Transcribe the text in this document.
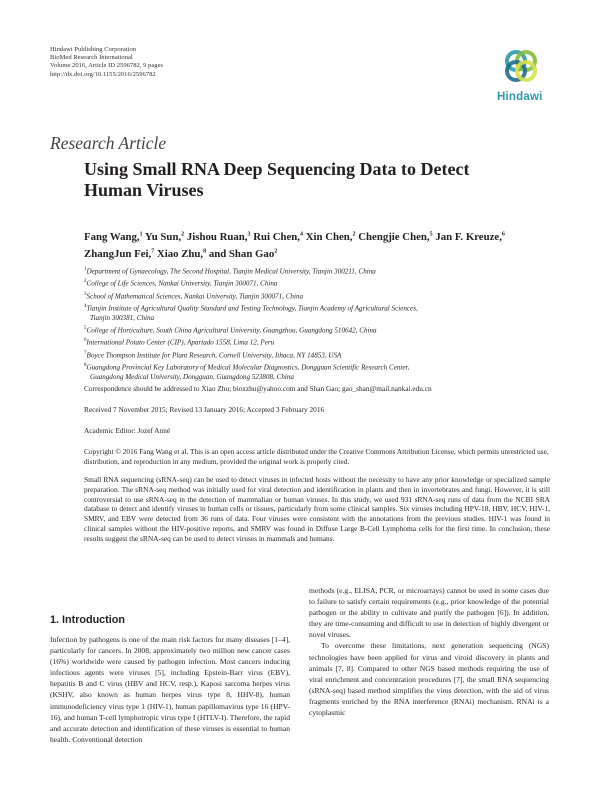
Hindawi Publishing Corporation
BioMed Research International
Volume 2016, Article ID 2596782, 9 pages
http://dx.doi.org/10.1155/2016/2596782
Hindawi
Research Article
Using Small RNA Deep Sequencing Data to Detect Human Viruses
Fang Wang,$^1$ Yu Sun,$^2$ Jishou Ruan,$^3$ Rui Chen,$^4$ Xin Chen,$^2$ Chengjie Chen,$^5$ Jan F. Kreuze,$^6$ ZhangJun Fei,$^7$ Xiao Zhu,$^8$ and Shan Gao$^2$
$^1$Department of Gynaecology, The Second Hospital, Tianjin Medical University, Tianjin 300211, China
$^2$College of Life Sciences, Nankai University, Tianjin 300071, China
$^3$School of Mathematical Sciences, Nankai University, Tianjin 300071, China
$^4$Tianjin Institute of Agricultural Quality Standard and Testing Technology, Tianjin Academy of Agricultural Sciences,
Tianjin 300381, China
$^5$College of Horticulture, South China Agricultural University, Guangzhou, Guangdong 510642, China
$^6$International Potato Center (CIP), Apartado 1558, Lima 12, Peru
$^7$Boyce Thompson Institute for Plant Research, Cornell University, Ithaca, NY 14853, USA
$^8$Guangdong Provincial Key Laboratory of Medical Molecular Diagnostics, Dongguan Scientific Research Center,
Guangdong Medical University, Dongguan, Guangdong 523808, China
Correspondence should be addressed to Xiao Zhu; bioxzhu@yahoo.com and Shan Gao; gao_shan@mail.nankai.edu.cn
Received 7 November 2015; Revised 13 January 2016; Accepted 3 February 2016
Academic Editor: Jozef Anné
Copyright © 2016 Fang Wang et al. This is an open access article distributed under the Creative Commons Attribution License, which permits unrestricted use, distribution, and reproduction in any medium, provided the original work is properly cited.
Small RNA sequencing (sRNA-seq) can be used to detect viruses in infected hosts without the necessity to have any prior knowledge or specialized sample preparation. The sRNA-seq method was initially used for viral detection and identification in plants and then in invertebrates and fungi. However, it is still controversial to use sRNA-seq in the detection of mammalian or human viruses. In this study, we used 931 sRNA-seq runs of data from the NCBI SRA database to detect and identify viruses in human cells or tissues, particularly from some clinical samples. Six viruses including HPV-18, HBV, HCV, HIV-1, SMRV, and EBV were detected from 36 runs of data. Four viruses were consistent with the annotations from the previous studies. HIV-1 was found in clinical samples without the HIV-positive reports, and SMRV was found in Diffuse Large B-Cell Lymphoma cells for the first time. In conclusion, these results suggest the sRNA-seq can be used to detect viruses in mammals and humans.
1. Introduction

Infection by pathogens is one of the main risk factors for many diseases [1–4], particularly for cancers. In 2008, approximately two million new cancer cases (16%) worldwide were caused by pathogen infection. Most cancers inducing infectious agents were viruses [5], including Epstein-Barr virus (EBV), hepatitis B and C virus (HBV and HCV, resp.), Kaposi sarcoma herpes virus (KSHV, also known as human herpes virus type 8, HHV-8), human immunodeficiency virus type 1 (HIV-1), human papillomavirus type 16 (HPV-16), and human T-cell lymphotropic virus type I (HTLV-I). Therefore, the rapid and accurate detection and identification of these viruses is essential to human health. Conventional detection

methods (e.g., ELISA, PCR, or microarrays) cannot be used in some cases due to failure to satisfy certain requirements (e.g., prior knowledge of the potential pathogen or the ability to cultivate and purify the pathogen [6]). In addition, they are time-consuming and difficult to use in detection of highly divergent or novel viruses.

To overcome these limitations, next generation sequencing (NGS) technologies have been applied for virus and viroid discovery in plants and animals [7, 8]. Compared to other NGS based methods requiring the use of viral enrichment and concentration procedures [7], the small RNA sequencing (sRNA-seq) based method simplifies the virus detection, with the aid of virus fragments enriched by the RNA interference (RNAi) mechanism. RNAi is a cytoplasmic
